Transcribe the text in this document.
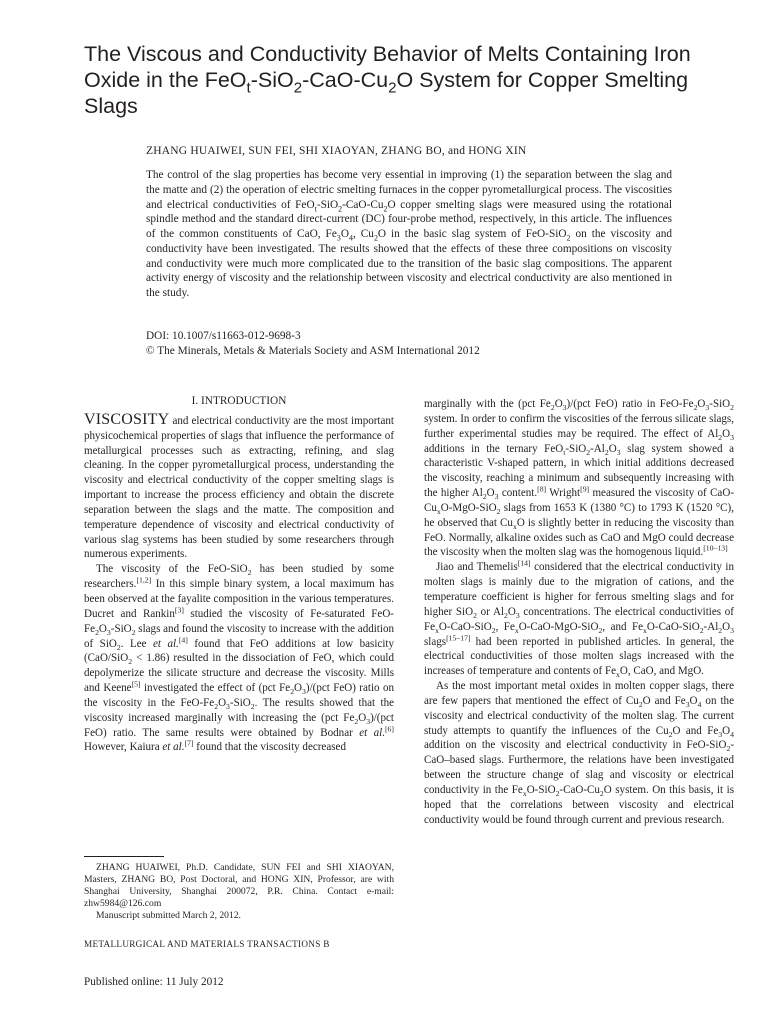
The Viscous and Conductivity Behavior of Melts Containing Iron Oxide in the $FeO_t-SiO_2-CaO-Cu_2O$ System for Copper Smelting Slags
ZHANG HUAIWEI, SUN FEI, SHI XIAOYAN, ZHANG BO, and HONG XIN
The control of the slag properties has become very essential in improving (1) the separation between the slag and the matte and (2) the operation of electric smelting furnaces in the copper pyrometallurgical process. The viscosities and electrical conductivities of $FeO_t-SiO_2-CaO-Cu_2O$ copper smelting slags were measured using the rotational spindle method and the standard direct-current (DC) four-probe method, respectively, in this article. The influences of the common constituents of CaO, $Fe_3O_4$, $Cu_2O$ in the basic slag system of FeO-SiO$_2$ on the viscosity and conductivity have been investigated. The results showed that the effects of these three compositions on viscosity and conductivity were much more complicated due to the transition of the basic slag compositions. The apparent activity energy of viscosity and the relationship between viscosity and electrical conductivity are also mentioned in the study.
DOI: 10.1007/s11663-012-9698-3
© The Minerals, Metals & Materials Society and ASM International 2012
I. INTRODUCTION

VISCOSITY and electrical conductivity are the most important physicochemical properties of slags that influence the performance of metallurgical processes such as extracting, refining, and slag cleaning. In the copper pyrometallurgical process, understanding the viscosity and electrical conductivity of the copper smelting slags is important to increase the process efficiency and obtain the discrete separation between the slags and the matte. The composition and temperature dependence of viscosity and electrical conductivity of various slag systems has been studied by some researchers through numerous experiments.

The viscosity of the FeO-SiO$_2$ has been studied by some researchers.[1,2] In this simple binary system, a local maximum has been observed at the fayalite composition in the various temperatures. Ducret and Rankin[3] studied the viscosity of Fe-saturated FeO-$Fe_2O_3-SiO_2$ slags and found the viscosity to increase with the addition of SiO$_2$. Lee et al.[4] found that FeO additions at low basicity (CaO/SiO$_2$ < 1.86) resulted in the dissociation of FeO, which could depolymerize the silicate structure and decrease the viscosity. Mills and Keene[5] investigated the effect of (pct $Fe_2O_3)/(pct$ FeO) ratio on the viscosity in the FeO-$Fe_2O_3-SiO_2$. The results showed that the viscosity increased marginally with increasing the (pct $Fe_2O_3)/(pct$ FeO) ratio. The same results were obtained by Bodnar et al.[6] However, Kaiura et al.[7] found that the viscosity decreased

marginally with the (pct $Fe_2O_3)/(pct$ FeO) ratio in FeO-$Fe_2O_3-SiO_2$ system. In order to confirm the viscosities of the ferrous silicate slags, further experimental studies may be required. The effect of $Al_2O_3$ additions in the ternary $FeO_t-SiO_2-Al_2O_3$ slag system showed a characteristic V-shaped pattern, in which initial additions decreased the viscosity, reaching a minimum and subsequently increasing with the higher $Al_2O_3$ content.[8] Wright[9] measured the viscosity of CaO-$Cu_xO-MgO-SiO_2$ slags from 1653 K (1380 °C) to 1793 K (1520 °C), he observed that $Cu_xO$ is slightly better in reducing the viscosity than FeO. Normally, alkaline oxides such as CaO and MgO could decrease the viscosity when the molten slag was the homogenous liquid.[10–13]

Jiao and Themelis[14] considered that the electrical conductivity in molten slags is mainly due to the migration of cations, and the temperature coefficient is higher for ferrous smelting slags and for higher SiO$_2$ or $Al_2O_3$ concentrations. The electrical conductivities of $Fe_xO-CaO-SiO_2$, $Fe_xO-CaO-MgO-SiO_2$, and $Fe_xO-CaO-SiO_2-Al_2O_3$ slags[15–17] had been reported in published articles. In general, the electrical conductivities of those molten slags increased with the increases of temperature and contents of $Fe_xO$, CaO, and MgO.

As the most important metal oxides in molten copper slags, there are few papers that mentioned the effect of $Cu_2O$ and $Fe_3O_4$ on the viscosity and electrical conductivity of the molten slag. The current study attempts to quantify the influences of the $Cu_2O$ and $Fe_3O_4$ addition on the viscosity and electrical conductivity in FeO-SiO$_2$-CaO–based slags. Furthermore, the relations have been investigated between the structure change of slag and viscosity or electrical conductivity in the $Fe_xO-SiO_2-CaO-Cu_2O$ system. On this basis, it is hoped that the correlations between viscosity and electrical conductivity would be found through current and previous research.

ZHANG HUAIWEI, Ph.D. Candidate, SUN FEI and SHI XIAOYAN, Masters, ZHANG BO, Post Doctoral, and HONG XIN, Professor, are with Shanghai University, Shanghai 200072, P.R. China. Contact e-mail: zhw5984@126.com

Manuscript submitted March 2, 2012.

METALLURGICAL AND MATERIALS TRANSACTIONS B
Published online: 11 July 2012
